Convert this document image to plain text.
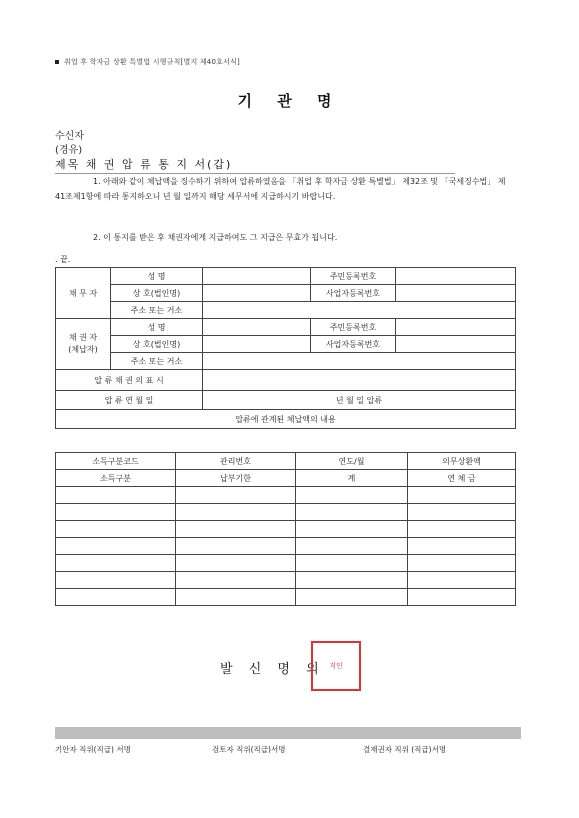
취업 후 학자금 상환 특별법 시행규칙[별지 제40호서식]
기 관 명
수신자
(경유)
제목 채 권 압 류 통 지 서(갑)
1. 아래와 같이 체납액을 징수하기 위하여 압류하였음을 「취업 후 학자금 상환 특별법」 제32조 및 「국세징수법」 제41조제1항에 따라 통지하오니 년 월 일까지 해당 세무서에 지급하시기 바랍니다.
2. 이 통지를 받은 후 채권자에게 지급하여도 그 지급은 무효가 됩니다.
. 끝.
채 무 자	성 명		주민등록번호	
	상 호(법인명)		사업자등록번호	
	주소 또는 거소			
채 권 자
(체납자)	성 명		주민등록번호	
	상 호(법인명)		사업자등록번호	
	주소 또는 거소			
압 류 채 권 의 표 시				
압 류 연 월 일		년 월 일 압류		
압류에 관계된 체납액의 내용				
소득구분코드	관리번호	연도/월	의무상환액
소득구분	납부기한	계	연 체 금

발 신 명 의 직인
기안자 직위(직급) 서명	검토자 직위(직급)서명	결재권자 직위 (직급)서명
